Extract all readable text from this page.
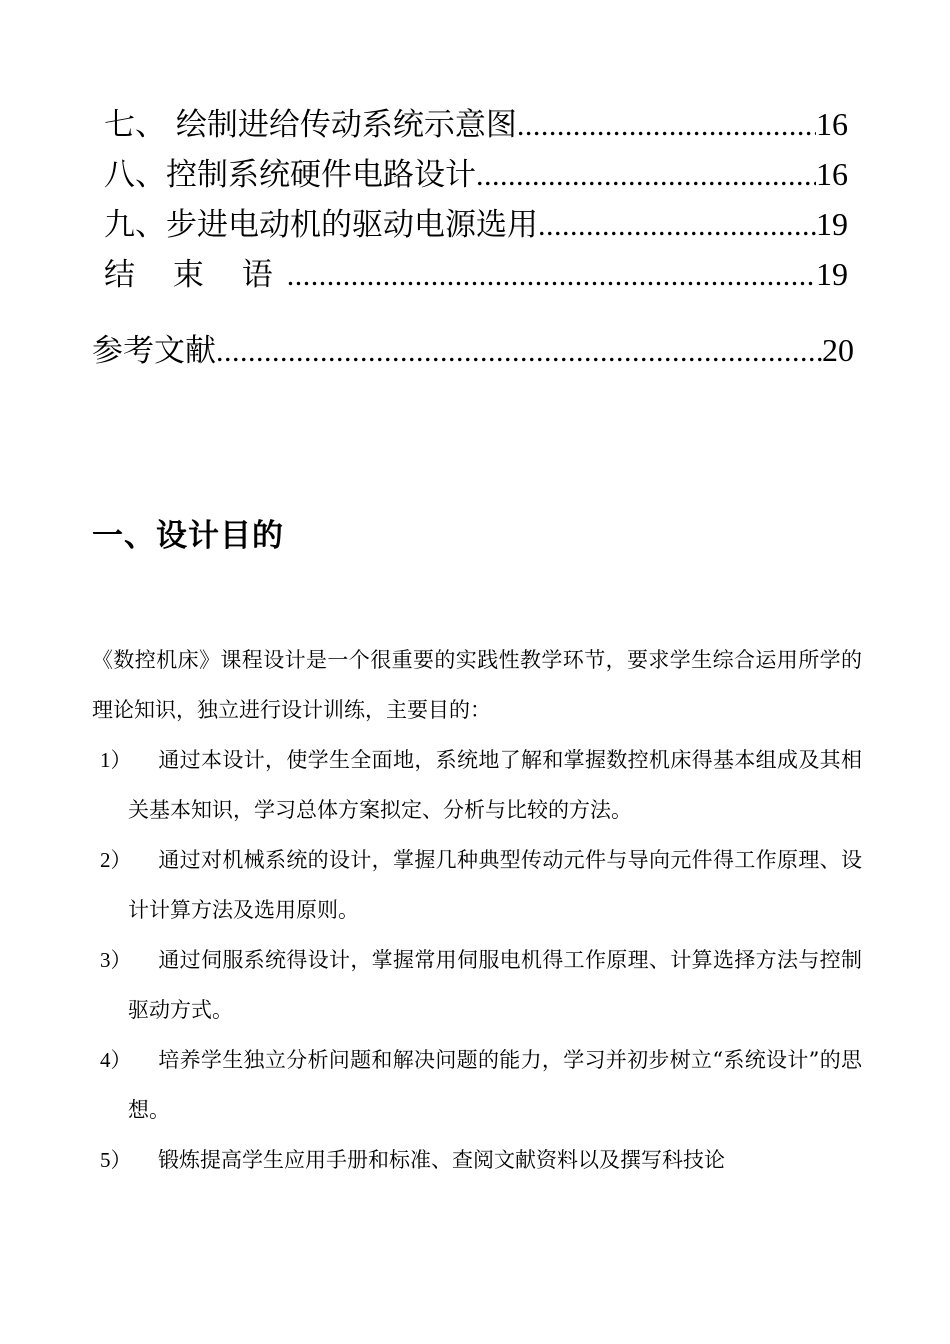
七、 绘制进给传动系统示意图 .....	16
八、控制系统硬件电路设计 .....	16
九、步进电动机的驱动电源选用 .....	19
结 束 语 .....	19
参考文献 .....	20
一、设计目的
《数控机床》课程设计是一个很重要的实践性教学环节，要求学生综合运用所学的理论知识，独立进行设计训练，主要目的：
1） 通过本设计，使学生全面地，系统地了解和掌握数控机床得基本组成及其相关基本知识，学习总体方案拟定、分析与比较的方法。
2） 通过对机械系统的设计，掌握几种典型传动元件与导向元件得工作原理、设计计算方法及选用原则。
3） 通过伺服系统得设计，掌握常用伺服电机得工作原理、计算选择方法与控制驱动方式。
4） 培养学生独立分析问题和解决问题的能力，学习并初步树立“系统设计”的思想。
5） 锻炼提高学生应用手册和标准、查阅文献资料以及撰写科技论
